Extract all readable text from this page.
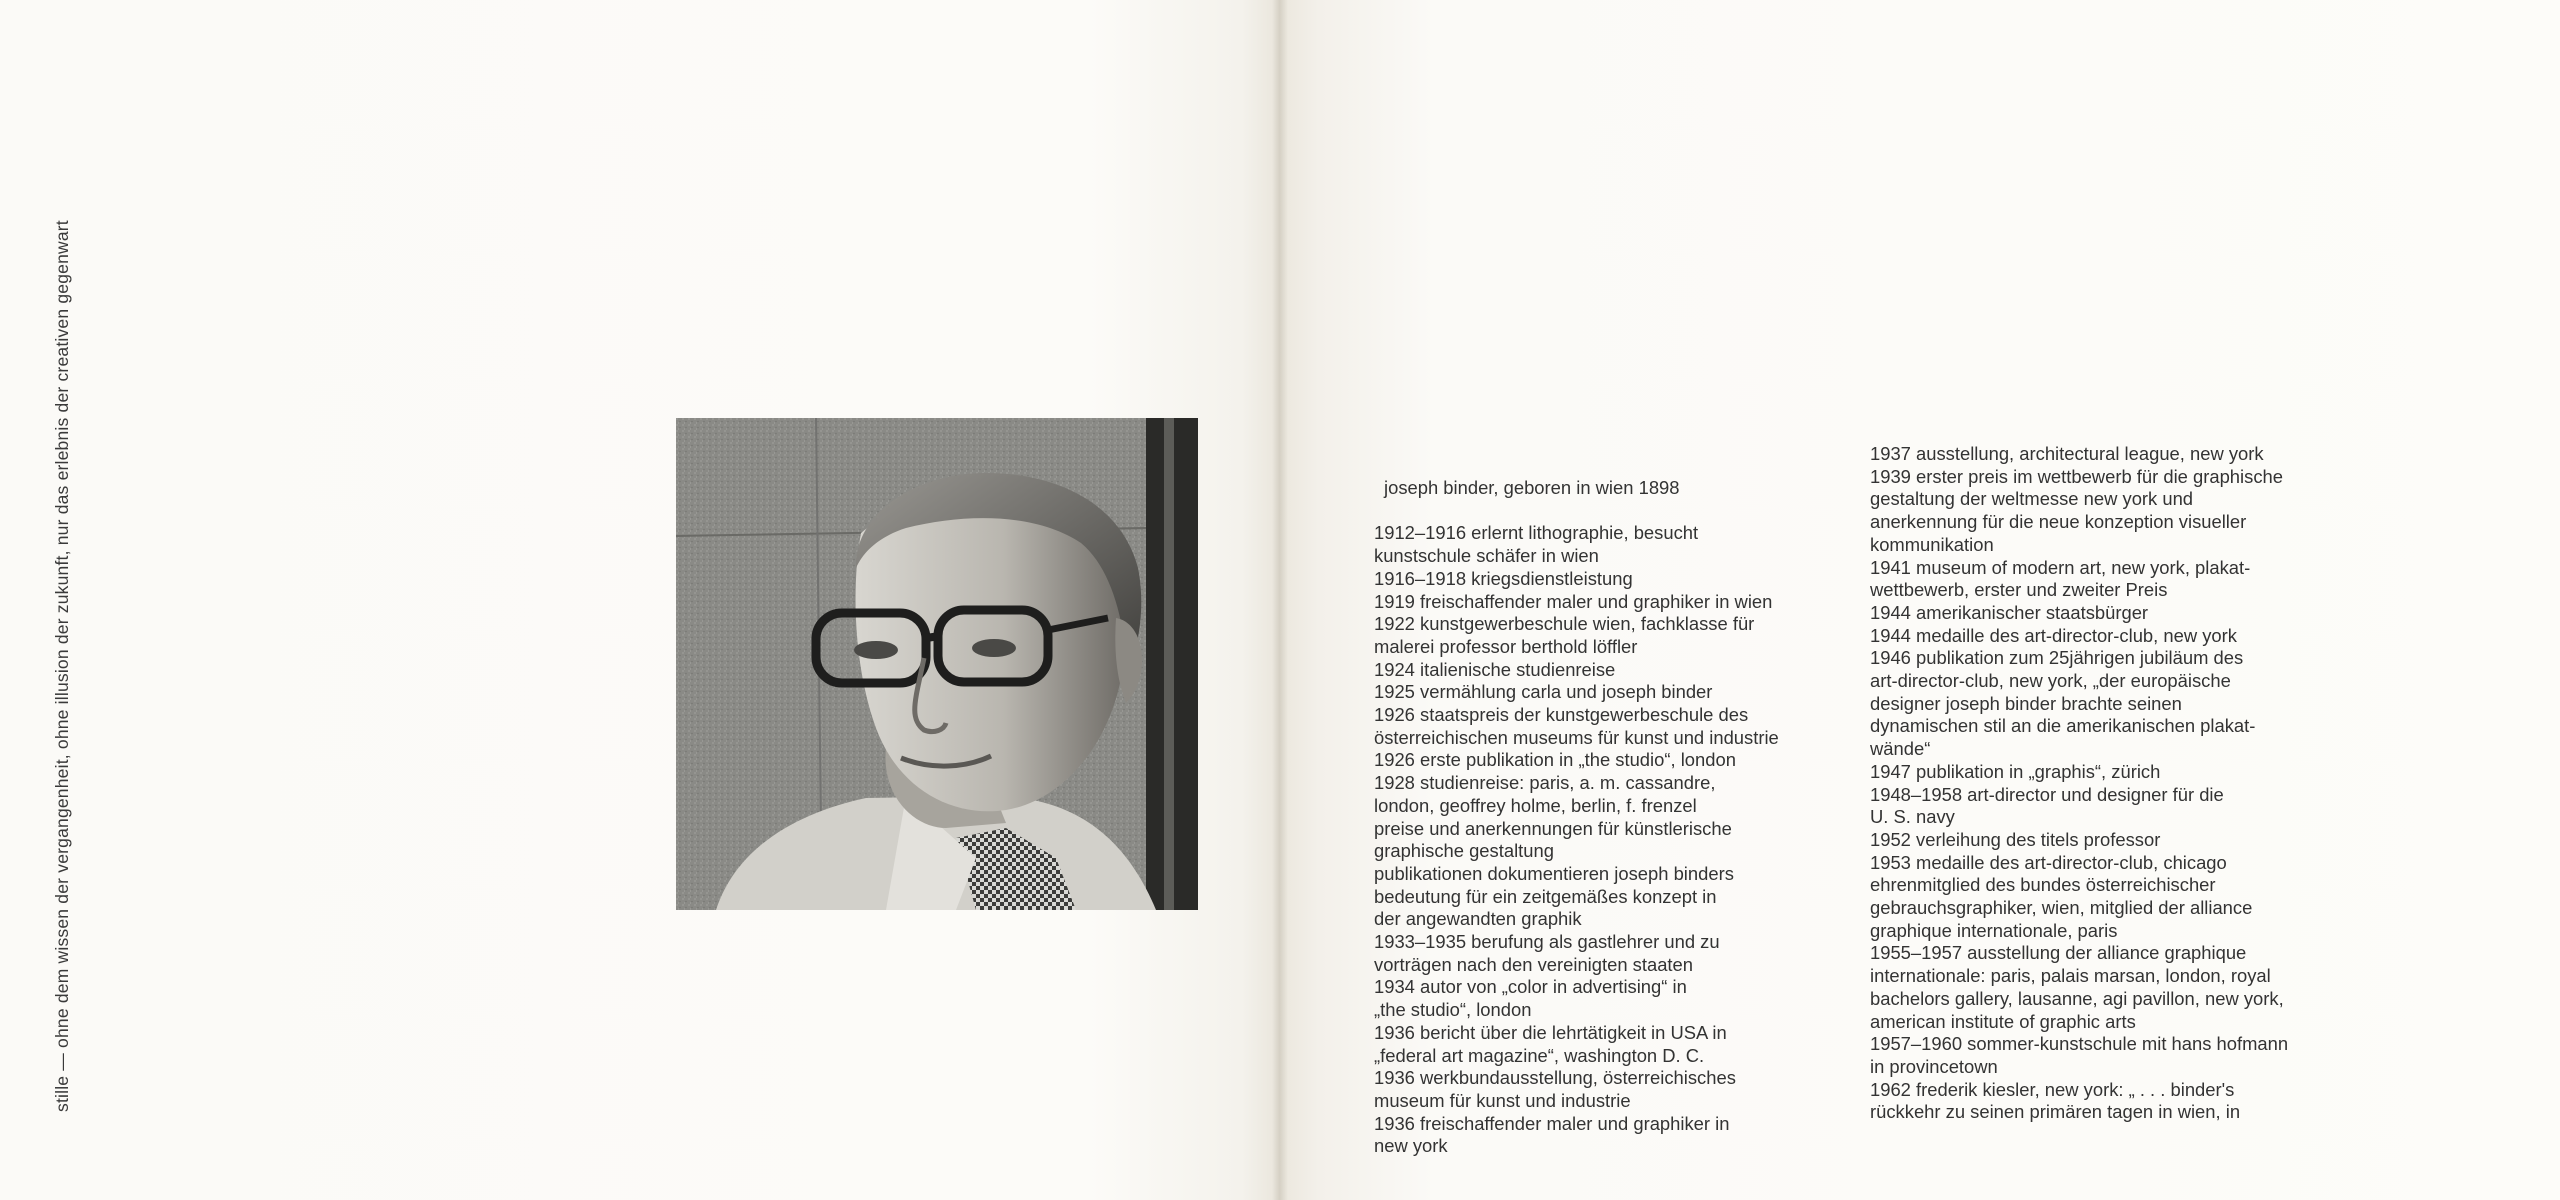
stille — ohne dem wissen der vergangenheit, ohne illusion der zukunft, nur das erlebnis der creativen gegenwart	joseph binder, geboren in wien 1898
1912–1916 erlernt lithographie, besucht
kunstschule schäfer in wien
1916–1918 kriegsdienstleistung
1919 freischaffender maler und graphiker in wien
1922 kunstgewerbeschule wien, fachklasse für
malerei professor berthold löffler
1924 italienische studienreise
1925 vermählung carla und joseph binder
1926 staatspreis der kunstgewerbeschule des
österreichischen museums für kunst und industrie
1926 erste publikation in „the studio“, london
1928 studienreise: paris, a. m. cassandre,
london, geoffrey holme, berlin, f. frenzel
preise und anerkennungen für künstlerische
graphische gestaltung
publikationen dokumentieren joseph binders
bedeutung für ein zeitgemäßes konzept in
der angewandten graphik
1933–1935 berufung als gastlehrer und zu
vorträgen nach den vereinigten staaten
1934 autor von „color in advertising“ in
„the studio“, london
1936 bericht über die lehrtätigkeit in USA in
„federal art magazine“, washington D. C.
1936 werkbundausstellung, österreichisches
museum für kunst und industrie
1936 freischaffender maler und graphiker in
new york
1937 ausstellung, architectural league, new york
1939 erster preis im wettbewerb für die graphische
gestaltung der weltmesse new york und
anerkennung für die neue konzeption visueller
kommunikation
1941 museum of modern art, new york, plakat-
wettbewerb, erster und zweiter Preis
1944 amerikanischer staatsbürger
1944 medaille des art-director-club, new york
1946 publikation zum 25jährigen jubiläum des
art-director-club, new york, „der europäische
designer joseph binder brachte seinen
dynamischen stil an die amerikanischen plakat-
wände“
1947 publikation in „graphis“, zürich
1948–1958 art-director und designer für die
U. S. navy
1952 verleihung des titels professor
1953 medaille des art-director-club, chicago
ehrenmitglied des bundes österreichischer
gebrauchsgraphiker, wien, mitglied der alliance
graphique internationale, paris
1955–1957 ausstellung der alliance graphique
internationale: paris, palais marsan, london, royal
bachelors gallery, lausanne, agi pavillon, new york,
american institute of graphic arts
1957–1960 sommer-kunstschule mit hans hofmann
in provincetown
1962 frederik kiesler, new york: „ . . . binder's
rückkehr zu seinen primären tagen in wien, in
